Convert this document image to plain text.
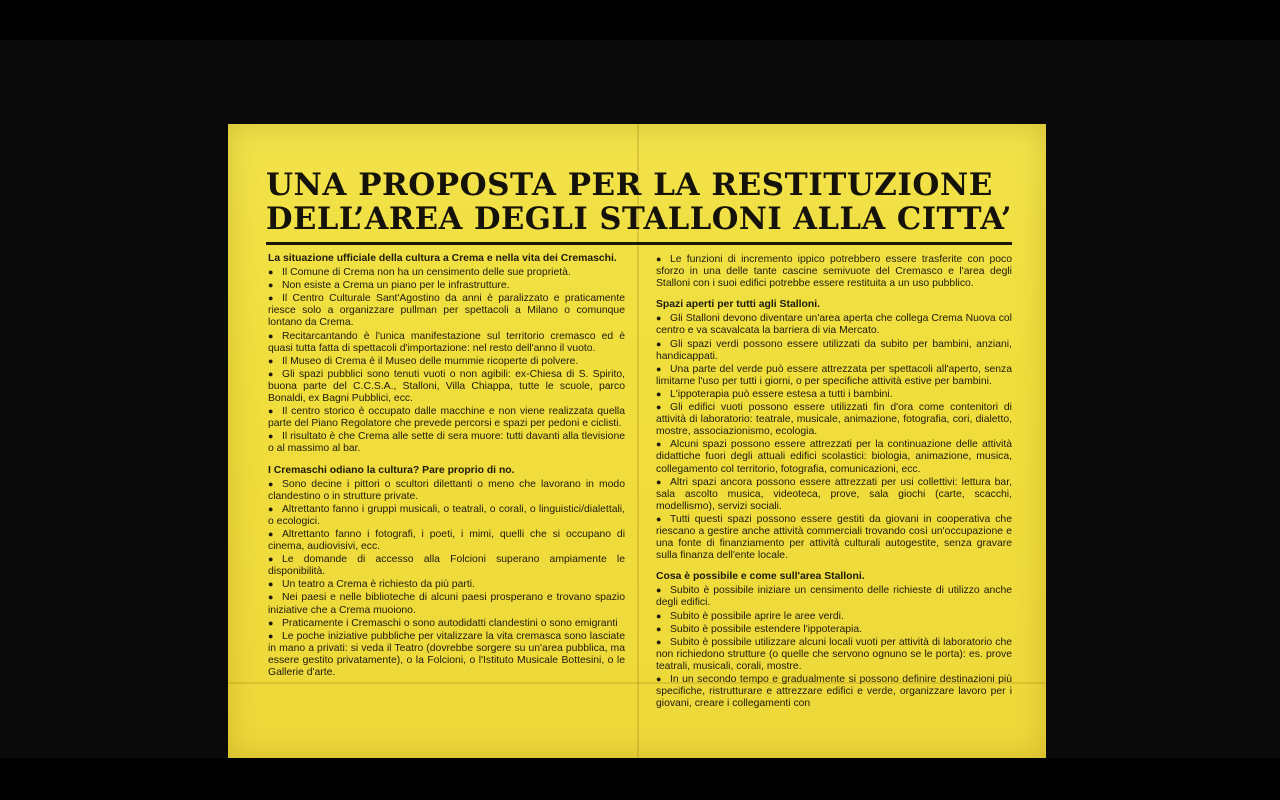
UNA PROPOSTA PER LA RESTITUZIONE
DELL’AREA DEGLI STALLONI ALLA CITTA’
La situazione ufficiale della cultura a Crema e nella vita dei Cremaschi.

● Il Comune di Crema non ha un censimento delle sue proprietà.

● Non esiste a Crema un piano per le infrastrutture.

● Il Centro Culturale Sant'Agostino da anni è paralizzato e praticamente riesce solo a organizzare pullman per spettacoli a Milano o comunque lontano da Crema.

● Recitarcantando è l'unica manifestazione sul territorio cremasco ed è quasi tutta fatta di spettacoli d'importazione: nel resto dell'anno il vuoto.

● Il Museo di Crema è il Museo delle mummie ricoperte di polvere.

● Gli spazi pubblici sono tenuti vuoti o non agibili: ex-Chiesa di S. Spirito, buona parte del C.C.S.A., Stalloni, Villa Chiappa, tutte le scuole, parco Bonaldi, ex Bagni Pubblici, ecc.

● Il centro storico è occupato dalle macchine e non viene realizzata quella parte del Piano Regolatore che prevede percorsi e spazi per pedoni e ciclisti.

● Il risultato è che Crema alle sette di sera muore: tutti davanti alla tlevisione o al massimo al bar.

I Cremaschi odiano la cultura? Pare proprio di no.

● Sono decine i pittori o scultori dilettanti o meno che lavorano in modo clandestino o in strutture private.

● Altrettanto fanno i gruppi musicali, o teatrali, o corali, o linguistici/dialettali, o ecologici.

● Altrettanto fanno i fotografi, i poeti, i mimi, quelli che si occupano di cinema, audiovisivi, ecc.

● Le domande di accesso alla Folcioni superano ampiamente le disponibilità.

● Un teatro a Crema è richiesto da più parti.

● Nei paesi e nelle biblioteche di alcuni paesi prosperano e trovano spazio iniziative che a Crema muoiono.

● Praticamente i Cremaschi o sono autodidatti clandestini o sono emigranti

● Le poche iniziative pubbliche per vitalizzare la vita cremasca sono lasciate in mano a privati: si veda il Teatro (dovrebbe sorgere su un'area pubblica, ma essere gestito privatamente), o la Folcioni, o l'Istituto Musicale Bottesini, o le Gallerie d'arte.

● Le funzioni di incremento ippico potrebbero essere trasferite con poco sforzo in una delle tante cascine semivuote del Cremasco e l'area degli Stalloni con i suoi edifici potrebbe essere restituita a un uso pubblico.

Spazi aperti per tutti agli Stalloni.

● Gli Stalloni devono diventare un'area aperta che collega Crema Nuova col centro e va scavalcata la barriera di via Mercato.

● Gli spazi verdi possono essere utilizzati da subito per bambini, anziani, handicappati.

● Una parte del verde può essere attrezzata per spettacoli all'aperto, senza limitarne l'uso per tutti i giorni, o per specifiche attività estive per bambini.

● L'ippoterapia può essere estesa a tutti i bambini.

● Gli edifici vuoti possono essere utilizzati fin d'ora come contenitori di attività di laboratorio: teatrale, musicale, animazione, fotografia, cori, dialetto, mostre, associazionismo, ecologia.

● Alcuni spazi possono essere attrezzati per la continuazione delle attività didattiche fuori degli attuali edifici scolastici: biologia, animazione, musica, collegamento col territorio, fotografia, comunicazioni, ecc.

● Altri spazi ancora possono essere attrezzati per usi collettivi: lettura bar, sala ascolto musica, videoteca, prove, sala giochi (carte, scacchi, modellismo), servizi sociali.

● Tutti questi spazi possono essere gestiti da giovani in cooperativa che riescano a gestire anche attività commerciali trovando così un'occupazione e una fonte di finanziamento per attività culturali autogestite, senza gravare sulla finanza dell'ente locale.

Cosa è possibile e come sull'area Stalloni.

● Subito è possibile iniziare un censimento delle richieste di utilizzo anche degli edifici.

● Subito è possibile aprire le aree verdi.

● Subito è possibile estendere l'ippoterapia.

● Subito è possibile utilizzare alcuni locali vuoti per attività di laboratorio che non richiedono strutture (o quelle che servono ognuno se le porta): es. prove teatrali, musicali, corali, mostre.

● In un secondo tempo e gradualmente si possono definire destinazioni più specifiche, ristrutturare e attrezzare edifici e verde, organizzare lavoro per i giovani, creare i collegamenti con
